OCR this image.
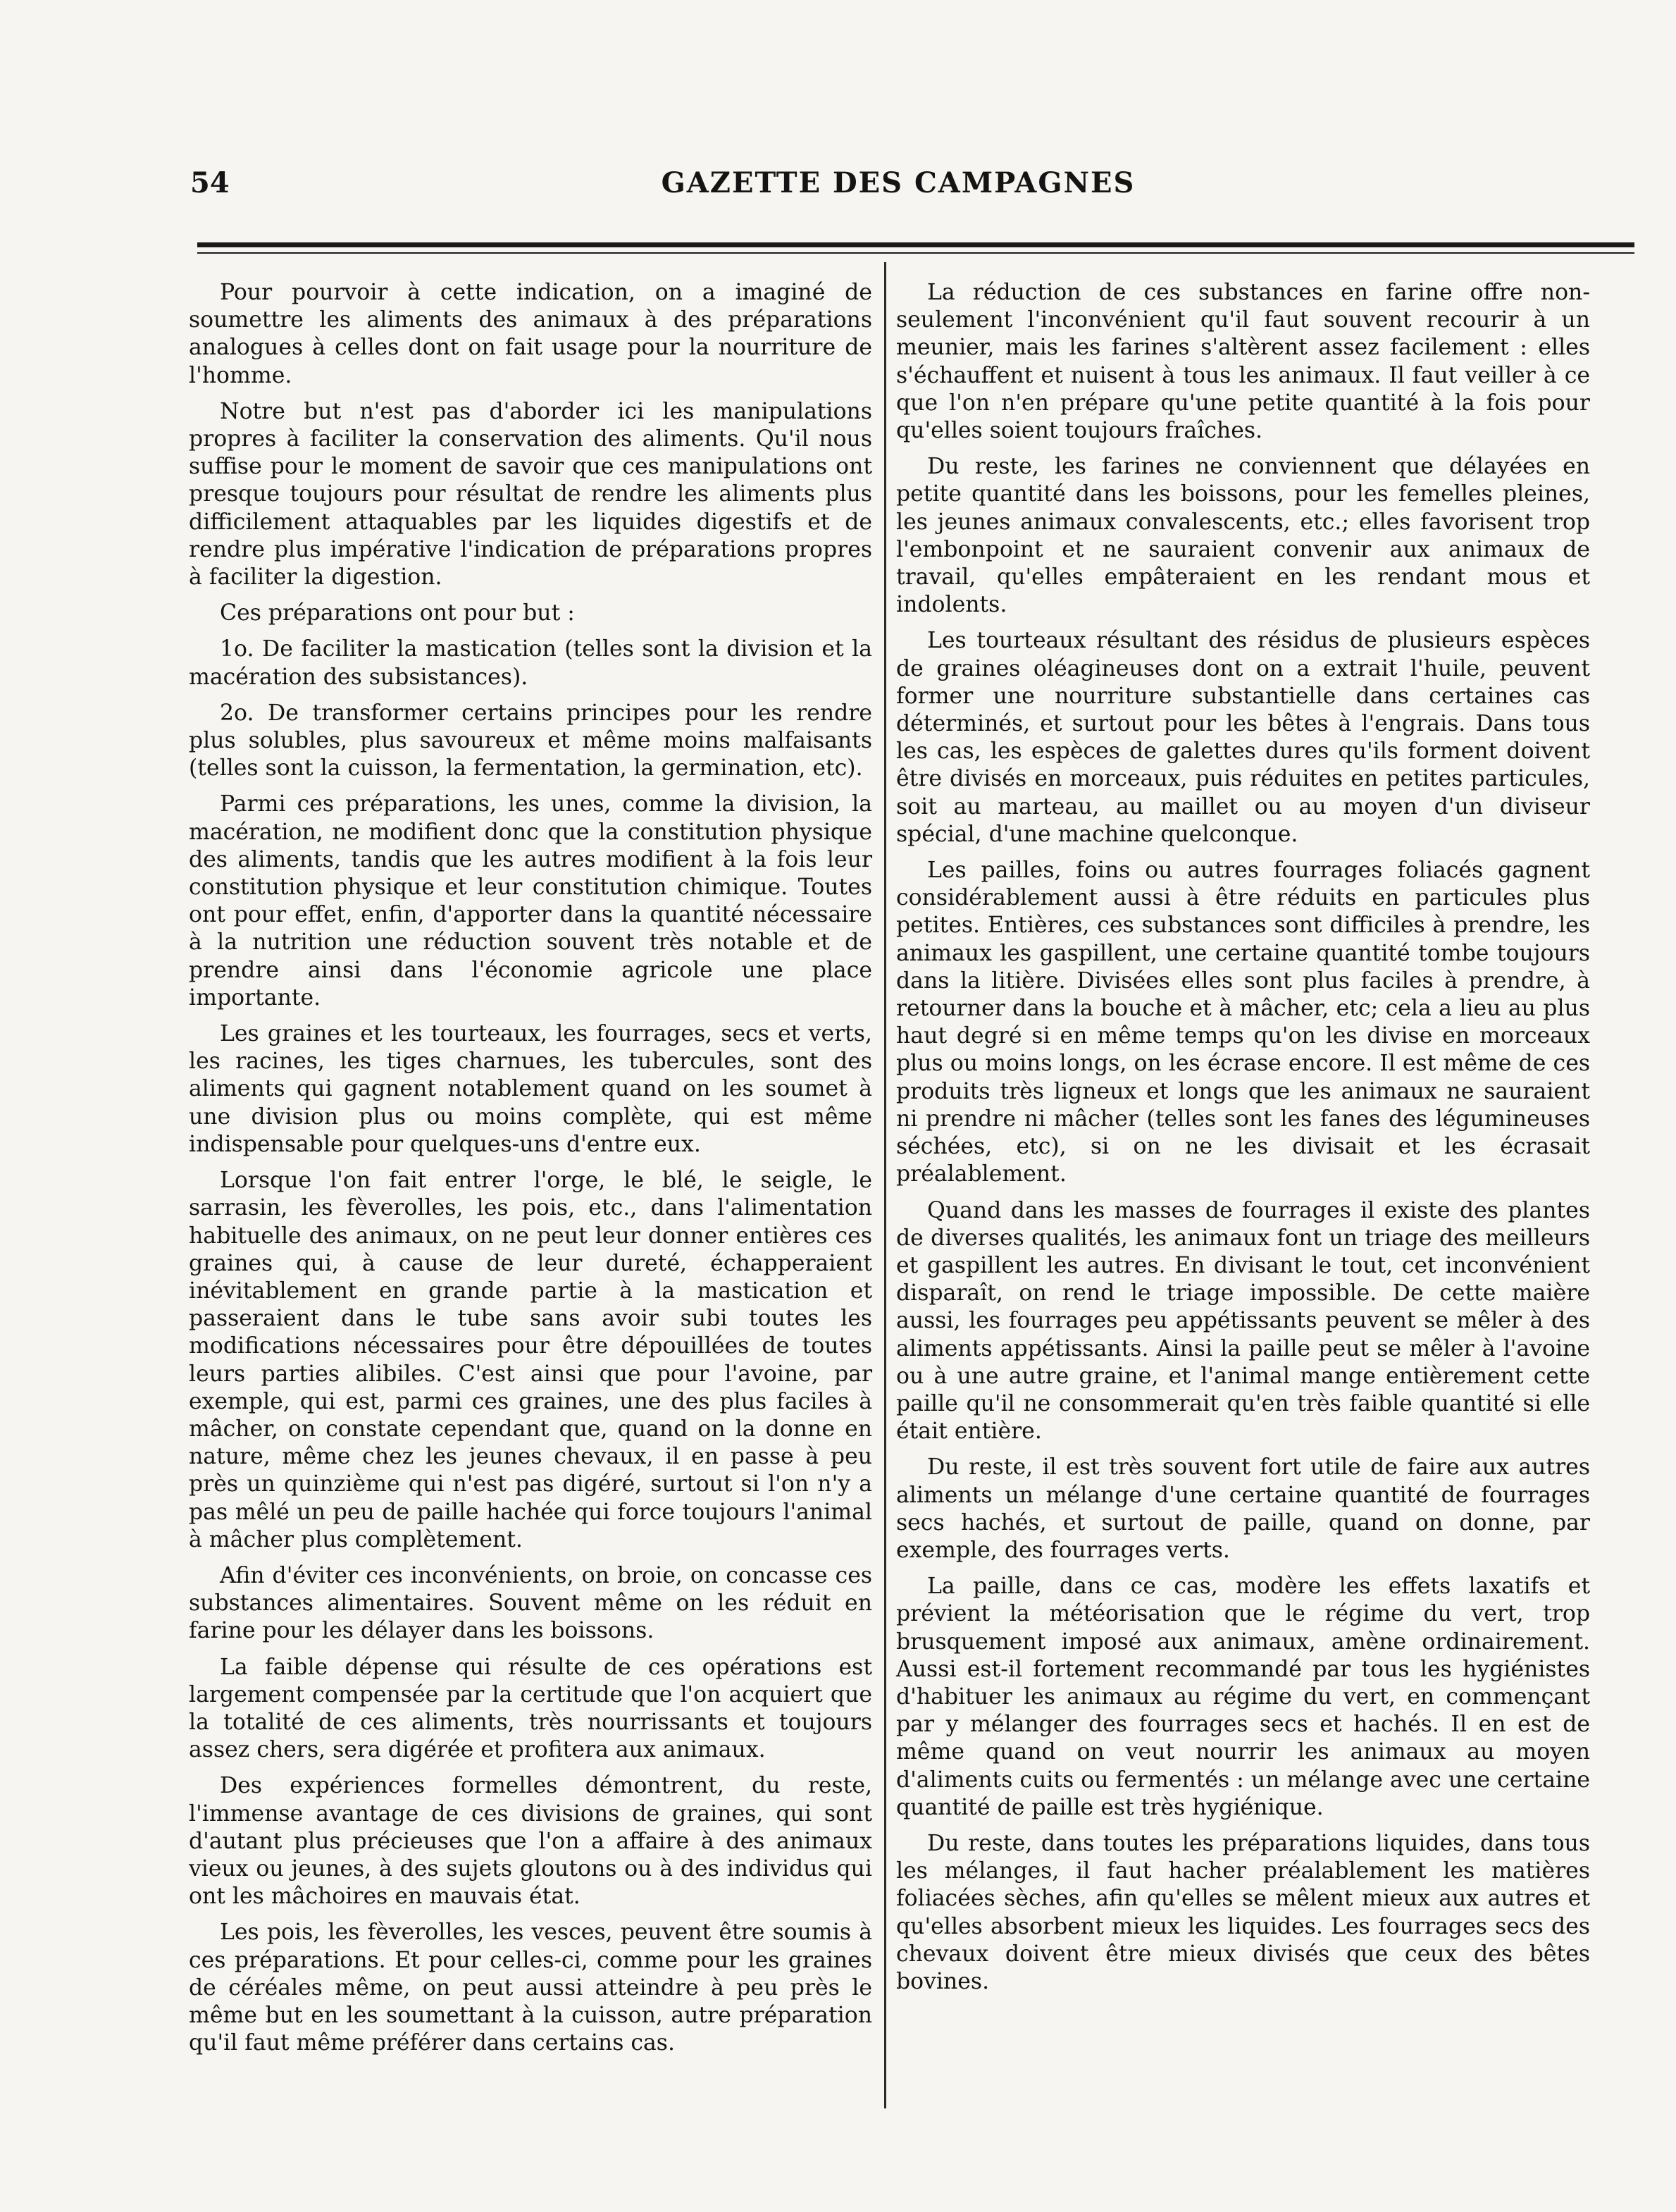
54	GAZETTE DES CAMPAGNES

Pour pourvoir à cette indication, on a imaginé de soumettre les aliments des animaux à des préparations analogues à celles dont on fait usage pour la nourriture de l'homme.

Notre but n'est pas d'aborder ici les manipulations propres à faciliter la conservation des aliments. Qu'il nous suffise pour le moment de savoir que ces manipulations ont presque toujours pour résultat de rendre les aliments plus difficilement attaquables par les liquides digestifs et de rendre plus impérative l'indication de préparations propres à faciliter la digestion.

Ces préparations ont pour but :

1o. De faciliter la mastication (telles sont la division et la macération des subsistances).

2o. De transformer certains principes pour les rendre plus solubles, plus savoureux et même moins malfaisants (telles sont la cuisson, la fermentation, la germination, etc).

Parmi ces préparations, les unes, comme la division, la macération, ne modifient donc que la constitution physique des aliments, tandis que les autres modifient à la fois leur constitution physique et leur constitution chimique. Toutes ont pour effet, enfin, d'apporter dans la quantité nécessaire à la nutrition une réduction souvent très notable et de prendre ainsi dans l'économie agricole une place importante.

Les graines et les tourteaux, les fourrages, secs et verts, les racines, les tiges charnues, les tubercules, sont des aliments qui gagnent notablement quand on les soumet à une division plus ou moins complète, qui est même indispensable pour quelques-uns d'entre eux.

Lorsque l'on fait entrer l'orge, le blé, le seigle, le sarrasin, les fèverolles, les pois, etc., dans l'alimentation habituelle des animaux, on ne peut leur donner entières ces graines qui, à cause de leur dureté, échapperaient inévitablement en grande partie à la mastication et passeraient dans le tube sans avoir subi toutes les modifications nécessaires pour être dépouillées de toutes leurs parties alibiles. C'est ainsi que pour l'avoine, par exemple, qui est, parmi ces graines, une des plus faciles à mâcher, on constate cependant que, quand on la donne en nature, même chez les jeunes chevaux, il en passe à peu près un quinzième qui n'est pas digéré, surtout si l'on n'y a pas mêlé un peu de paille hachée qui force toujours l'animal à mâcher plus complètement.

Afin d'éviter ces inconvénients, on broie, on concasse ces substances alimentaires. Souvent même on les réduit en farine pour les délayer dans les boissons.

La faible dépense qui résulte de ces opérations est largement compensée par la certitude que l'on acquiert que la totalité de ces aliments, très nourrissants et toujours assez chers, sera digérée et profitera aux animaux.

Des expériences formelles démontrent, du reste, l'immense avantage de ces divisions de graines, qui sont d'autant plus précieuses que l'on a affaire à des animaux vieux ou jeunes, à des sujets gloutons ou à des individus qui ont les mâchoires en mauvais état.

Les pois, les fèverolles, les vesces, peuvent être soumis à ces préparations. Et pour celles-ci, comme pour les graines de céréales même, on peut aussi atteindre à peu près le même but en les soumettant à la cuisson, autre préparation qu'il faut même préférer dans certains cas.

La réduction de ces substances en farine offre non-seulement l'inconvénient qu'il faut souvent recourir à un meunier, mais les farines s'altèrent assez facilement : elles s'échauffent et nuisent à tous les animaux. Il faut veiller à ce que l'on n'en prépare qu'une petite quantité à la fois pour qu'elles soient toujours fraîches.

Du reste, les farines ne conviennent que délayées en petite quantité dans les boissons, pour les femelles pleines, les jeunes animaux convalescents, etc.; elles favorisent trop l'embonpoint et ne sauraient convenir aux animaux de travail, qu'elles empâteraient en les rendant mous et indolents.

Les tourteaux résultant des résidus de plusieurs espèces de graines oléagineuses dont on a extrait l'huile, peuvent former une nourriture substantielle dans certaines cas déterminés, et surtout pour les bêtes à l'engrais. Dans tous les cas, les espèces de galettes dures qu'ils forment doivent être divisés en morceaux, puis réduites en petites particules, soit au marteau, au maillet ou au moyen d'un diviseur spécial, d'une machine quelconque.

Les pailles, foins ou autres fourrages foliacés gagnent considérablement aussi à être réduits en particules plus petites. Entières, ces substances sont difficiles à prendre, les animaux les gaspillent, une certaine quantité tombe toujours dans la litière. Divisées elles sont plus faciles à prendre, à retourner dans la bouche et à mâcher, etc; cela a lieu au plus haut degré si en même temps qu'on les divise en morceaux plus ou moins longs, on les écrase encore. Il est même de ces produits très ligneux et longs que les animaux ne sauraient ni prendre ni mâcher (telles sont les fanes des légumineuses séchées, etc), si on ne les divisait et les écrasait préalablement.

Quand dans les masses de fourrages il existe des plantes de diverses qualités, les animaux font un triage des meilleurs et gaspillent les autres. En divisant le tout, cet inconvénient disparaît, on rend le triage impossible. De cette maière aussi, les fourrages peu appétissants peuvent se mêler à des aliments appétissants. Ainsi la paille peut se mêler à l'avoine ou à une autre graine, et l'animal mange entièrement cette paille qu'il ne consommerait qu'en très faible quantité si elle était entière.

Du reste, il est très souvent fort utile de faire aux autres aliments un mélange d'une certaine quantité de fourrages secs hachés, et surtout de paille, quand on donne, par exemple, des fourrages verts.

La paille, dans ce cas, modère les effets laxatifs et prévient la météorisation que le régime du vert, trop brusquement imposé aux animaux, amène ordinairement. Aussi est-il fortement recommandé par tous les hygiénistes d'habituer les animaux au régime du vert, en commençant par y mélanger des fourrages secs et hachés. Il en est de même quand on veut nourrir les animaux au moyen d'aliments cuits ou fermentés : un mélange avec une certaine quantité de paille est très hygiénique.

Du reste, dans toutes les préparations liquides, dans tous les mélanges, il faut hacher préalablement les matières foliacées sèches, afin qu'elles se mêlent mieux aux autres et qu'elles absorbent mieux les liquides. Les fourrages secs des chevaux doivent être mieux divisés que ceux des bêtes bovines.
